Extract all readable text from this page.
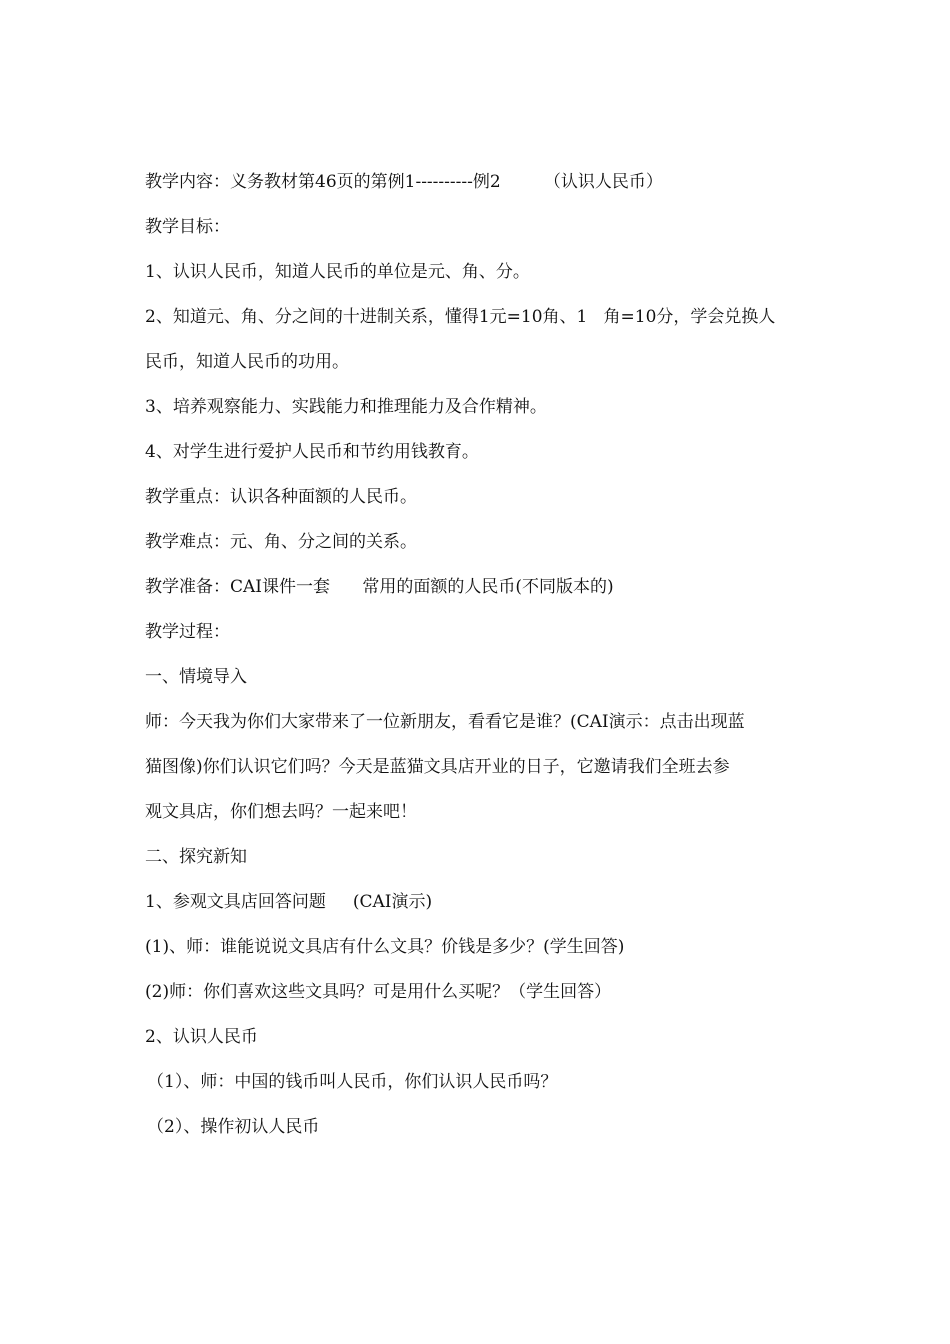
教学内容：义务教材第46页的第例1----------例2        （认识人民币）

教学目标：

1、认识人民币，知道人民币的单位是元、角、分。

2、知道元、角、分之间的十进制关系，懂得1元=10角、1   角=10分，学会兑换人

民币，知道人民币的功用。

3、培养观察能力、实践能力和推理能力及合作精神。

4、对学生进行爱护人民币和节约用钱教育。

教学重点：认识各种面额的人民币。

教学难点：元、角、分之间的关系。

教学准备：CAI课件一套      常用的面额的人民币(不同版本的)

教学过程：

一、情境导入

师：今天我为你们大家带来了一位新朋友，看看它是谁？(CAI演示：点击出现蓝

猫图像)你们认识它们吗？今天是蓝猫文具店开业的日子，它邀请我们全班去参

观文具店，你们想去吗？一起来吧！

二、探究新知

1、参观文具店回答问题     (CAI演示)

(1)、师：谁能说说文具店有什么文具？价钱是多少？(学生回答)

(2)师：你们喜欢这些文具吗？可是用什么买呢？（学生回答）

2、认识人民币

（1）、师：中国的钱币叫人民币，你们认识人民币吗？

（2）、操作初认人民币
